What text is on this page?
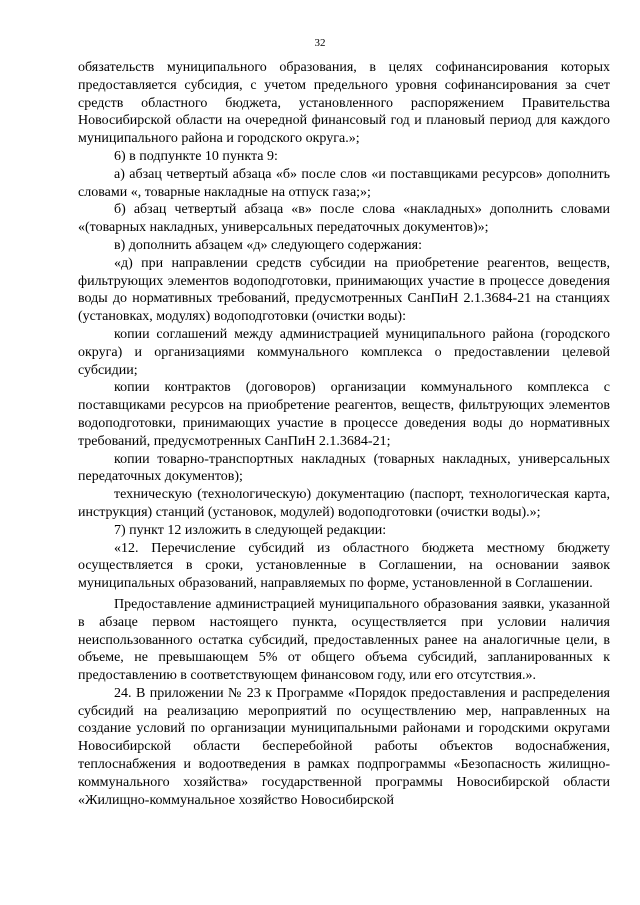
32

обязательств муниципального образования, в целях софинансирования которых предоставляется субсидия, с учетом предельного уровня софинансирования за счет средств областного бюджета, установленного распоряжением Правительства Новосибирской области на очередной финансовый год и плановый период для каждого муниципального района и городского округа.»;

6) в подпункте 10 пункта 9:

а) абзац четвертый абзаца «б» после слов «и поставщиками ресурсов» дополнить словами «, товарные накладные на отпуск газа;»;

б) абзац четвертый абзаца «в» после слова «накладных» дополнить словами «(товарных накладных, универсальных передаточных документов)»;

в) дополнить абзацем «д» следующего содержания:

«д) при направлении средств субсидии на приобретение реагентов, веществ, фильтрующих элементов водоподготовки, принимающих участие в процессе доведения воды до нормативных требований, предусмотренных СанПиН 2.1.3684-21 на станциях (установках, модулях) водоподготовки (очистки воды):

копии соглашений между администрацией муниципального района (городского округа) и организациями коммунального комплекса о предоставлении целевой субсидии;

копии контрактов (договоров) организации коммунального комплекса с поставщиками ресурсов на приобретение реагентов, веществ, фильтрующих элементов водоподготовки, принимающих участие в процессе доведения воды до нормативных требований, предусмотренных СанПиН 2.1.3684-21;

копии товарно-транспортных накладных (товарных накладных, универсальных передаточных документов);

техническую (технологическую) документацию (паспорт, технологическая карта, инструкция) станций (установок, модулей) водоподготовки (очистки воды).»;

7) пункт 12 изложить в следующей редакции:

«12. Перечисление субсидий из областного бюджета местному бюджету осуществляется в сроки, установленные в Соглашении, на основании заявок муниципальных образований, направляемых по форме, установленной в Соглашении.

Предоставление администрацией муниципального образования заявки, указанной в абзаце первом настоящего пункта, осуществляется при условии наличия неиспользованного остатка субсидий, предоставленных ранее на аналогичные цели, в объеме, не превышающем 5% от общего объема субсидий, запланированных к предоставлению в соответствующем финансовом году, или его отсутствия.».

24. В приложении № 23 к Программе «Порядок предоставления и распределения субсидий на реализацию мероприятий по осуществлению мер, направленных на создание условий по организации муниципальными районами и городскими округами Новосибирской области бесперебойной работы объектов водоснабжения, теплоснабжения и водоотведения в рамках подпрограммы «Безопасность жилищно-коммунального хозяйства» государственной программы Новосибирской области «Жилищно-коммунальное хозяйство Новосибирской
